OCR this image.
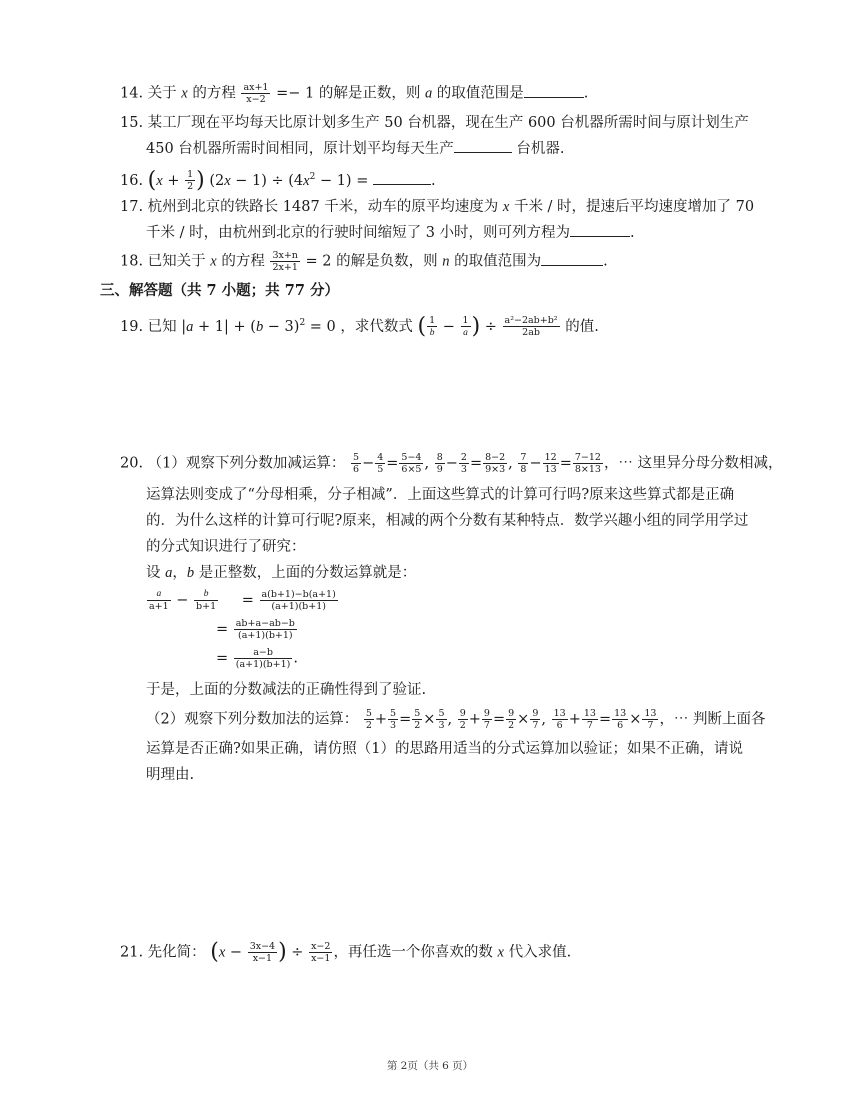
14. 关于 x 的方程 $\frac{ax+1}{x-2} =- 1$ 的解是正数，则 a 的取值范围是	.
15. 某工厂现在平均每天比原计划多生产 50 台机器，现在生产 600 台机器所需时间与原计划生产
450 台机器所需时间相同，原计划平均每天生产	台机器.
16. ($x + \frac{1}{2}$ ) $(2x - 1) \div (4x^2 - 1)$ =	.
17. 杭州到北京的铁路长 1487 千米，动车的原平均速度为 x 千米 / 时，提速后平均速度增加了 70
千米 / 时，由杭州到北京的行驶时间缩短了 3 小时，则可列方程为	.
18. 已知关于 x 的方程 $\frac{3x+n}{2x+1} = 2$ 的解是负数，则 n 的取值范围为	.
三、解答题（共 7 小题；共 77 分）
19. 已知 $|a + 1| + (b - 3)^2 = 0$ ，求代数式 ( $\frac{1}{b} - \frac{1}{a}) \div \frac{\text{a²−2ab+b²}}{2ab}$ 的值.
20. （1）观察下列分数加减运算： $\frac{5}{6} - \frac{4}{5} = \frac{5-4}{6\times 5}$ , $\frac{8}{9} - \frac{2}{3} = \frac{8-2}{9\times 3}$ , $\frac{7}{8} - \frac{12}{13} = \frac{7-12}{8\times 13}$ ，⋯ 这里异分母分数相减，
运算法则变成了“分母相乘，分子相减”．上面这些算式的计算可行吗?原来这些算式都是正确
的．为什么这样的计算可行呢?原来，相减的两个分数有某种特点．数学兴趣小组的同学用学过
的分式知识进行了研究：
设 a，b 是正整数，上面的分数运算就是：
$\frac{a}{a+1} - \frac{b}{b+1} = \frac{a(b+1)-b(a+1)}{(a+1)(b+1)}$
= $\frac{ab+a-ab-b}{(a+1)(b+1)}$
= $\frac{a-b}{(a+1)(b+1)}$ .
于是，上面的分数减法的正确性得到了验证.
（2）观察下列分数加法的运算： $\frac{5}{2} + \frac{5}{3} = \frac{5}{2} \times \frac{5}{3}$ , $\frac{9}{2} + \frac{9}{7} = \frac{9}{2} \times \frac{9}{7}$ , $\frac{13}{6} + \frac{13}{7} = \frac{13}{6} \times \frac{13}{7}$ ，⋯ 判断上面各
运算是否正确?如果正确，请仿照（1）的思路用适当的分式运算加以验证；如果不正确，请说
明理由.
21. 先化简： ($x - \frac{3x-4}{x-1}$ ) ÷ $\frac{x-2}{x-1}$ ，再任选一个你喜欢的数 x 代入求值.
第 2页（共 6 页）
